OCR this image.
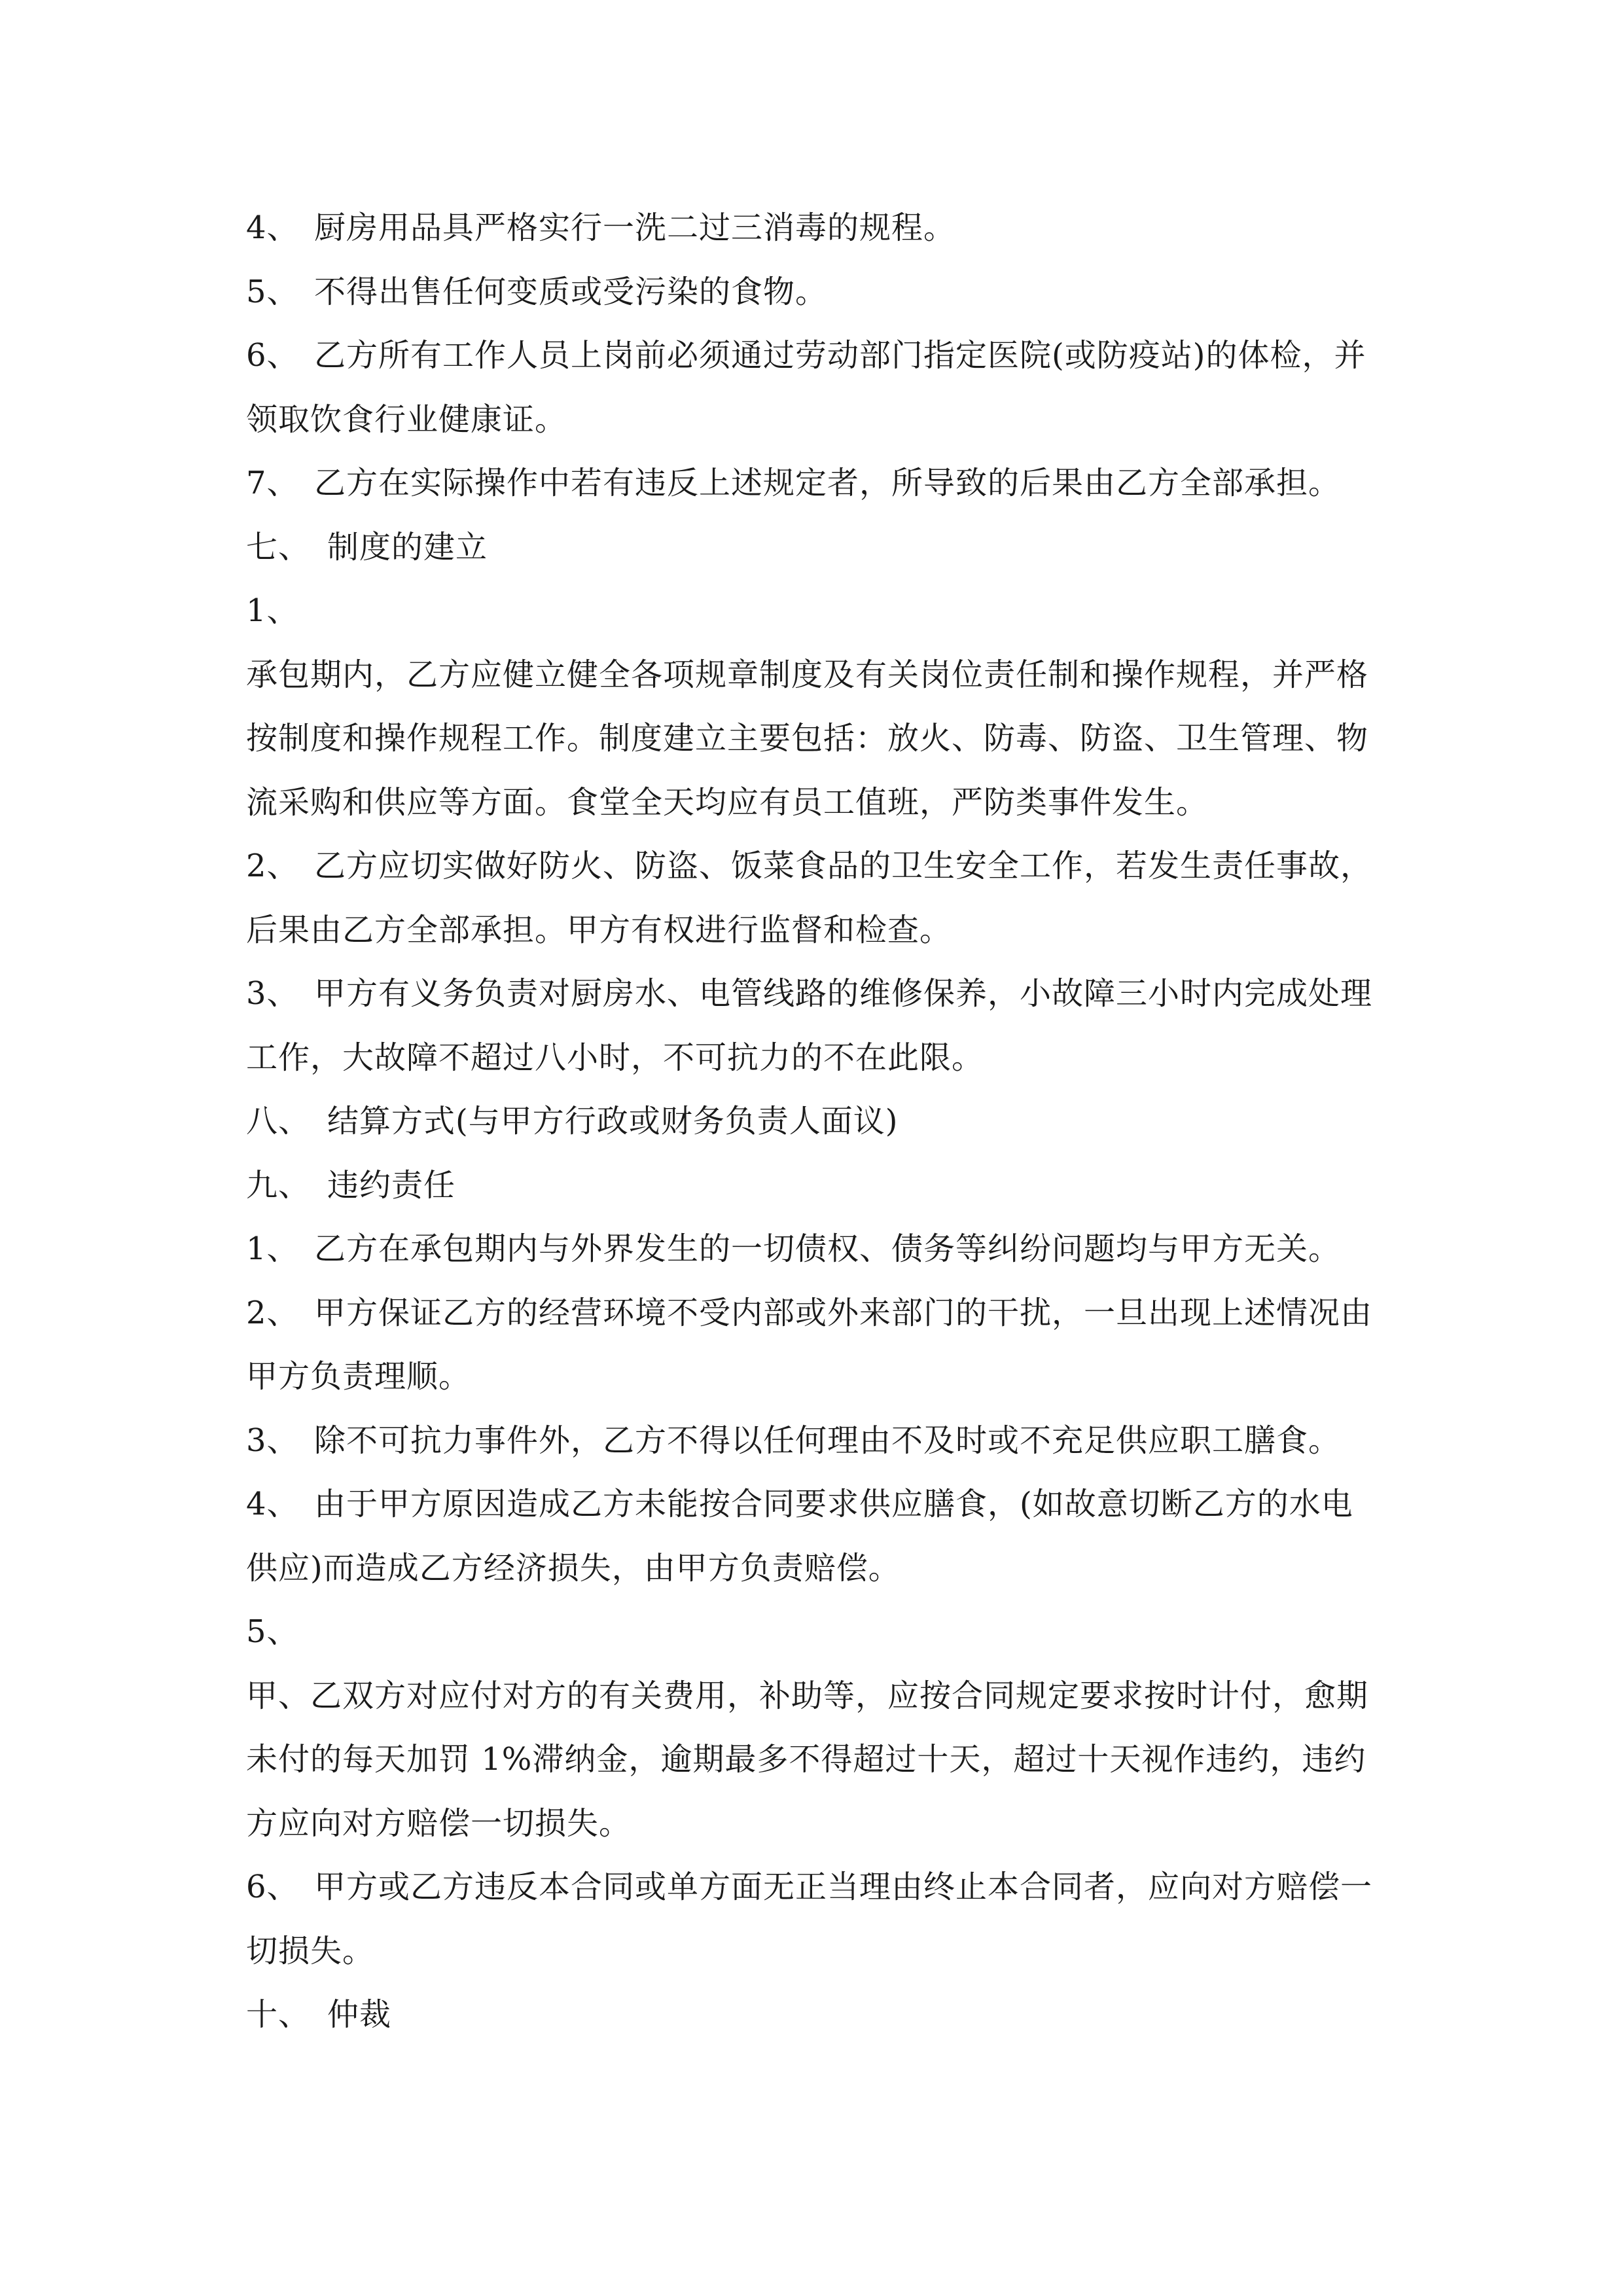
4、 厨房用品具严格实行一洗二过三消毒的规程。
5、 不得出售任何变质或受污染的食物。
6、 乙方所有工作人员上岗前必须通过劳动部门指定医院(或防疫站)的体检，并
领取饮食行业健康证。
7、 乙方在实际操作中若有违反上述规定者，所导致的后果由乙方全部承担。
七、 制度的建立
1、
承包期内，乙方应健立健全各项规章制度及有关岗位责任制和操作规程，并严格
按制度和操作规程工作。制度建立主要包括：放火、防毒、防盗、卫生管理、物
流采购和供应等方面。食堂全天均应有员工值班，严防类事件发生。
2、 乙方应切实做好防火、防盗、饭菜食品的卫生安全工作，若发生责任事故，
后果由乙方全部承担。甲方有权进行监督和检查。
3、 甲方有义务负责对厨房水、电管线路的维修保养，小故障三小时内完成处理
工作，大故障不超过八小时，不可抗力的不在此限。
八、 结算方式(与甲方行政或财务负责人面议)
九、 违约责任
1、 乙方在承包期内与外界发生的一切债权、债务等纠纷问题均与甲方无关。
2、 甲方保证乙方的经营环境不受内部或外来部门的干扰，一旦出现上述情况由
甲方负责理顺。
3、 除不可抗力事件外，乙方不得以任何理由不及时或不充足供应职工膳食。
4、 由于甲方原因造成乙方未能按合同要求供应膳食，(如故意切断乙方的水电
供应)而造成乙方经济损失，由甲方负责赔偿。
5、
甲、乙双方对应付对方的有关费用，补助等，应按合同规定要求按时计付，愈期
未付的每天加罚 1%滞纳金，逾期最多不得超过十天，超过十天视作违约，违约
方应向对方赔偿一切损失。
6、 甲方或乙方违反本合同或单方面无正当理由终止本合同者，应向对方赔偿一
切损失。
十、 仲裁
